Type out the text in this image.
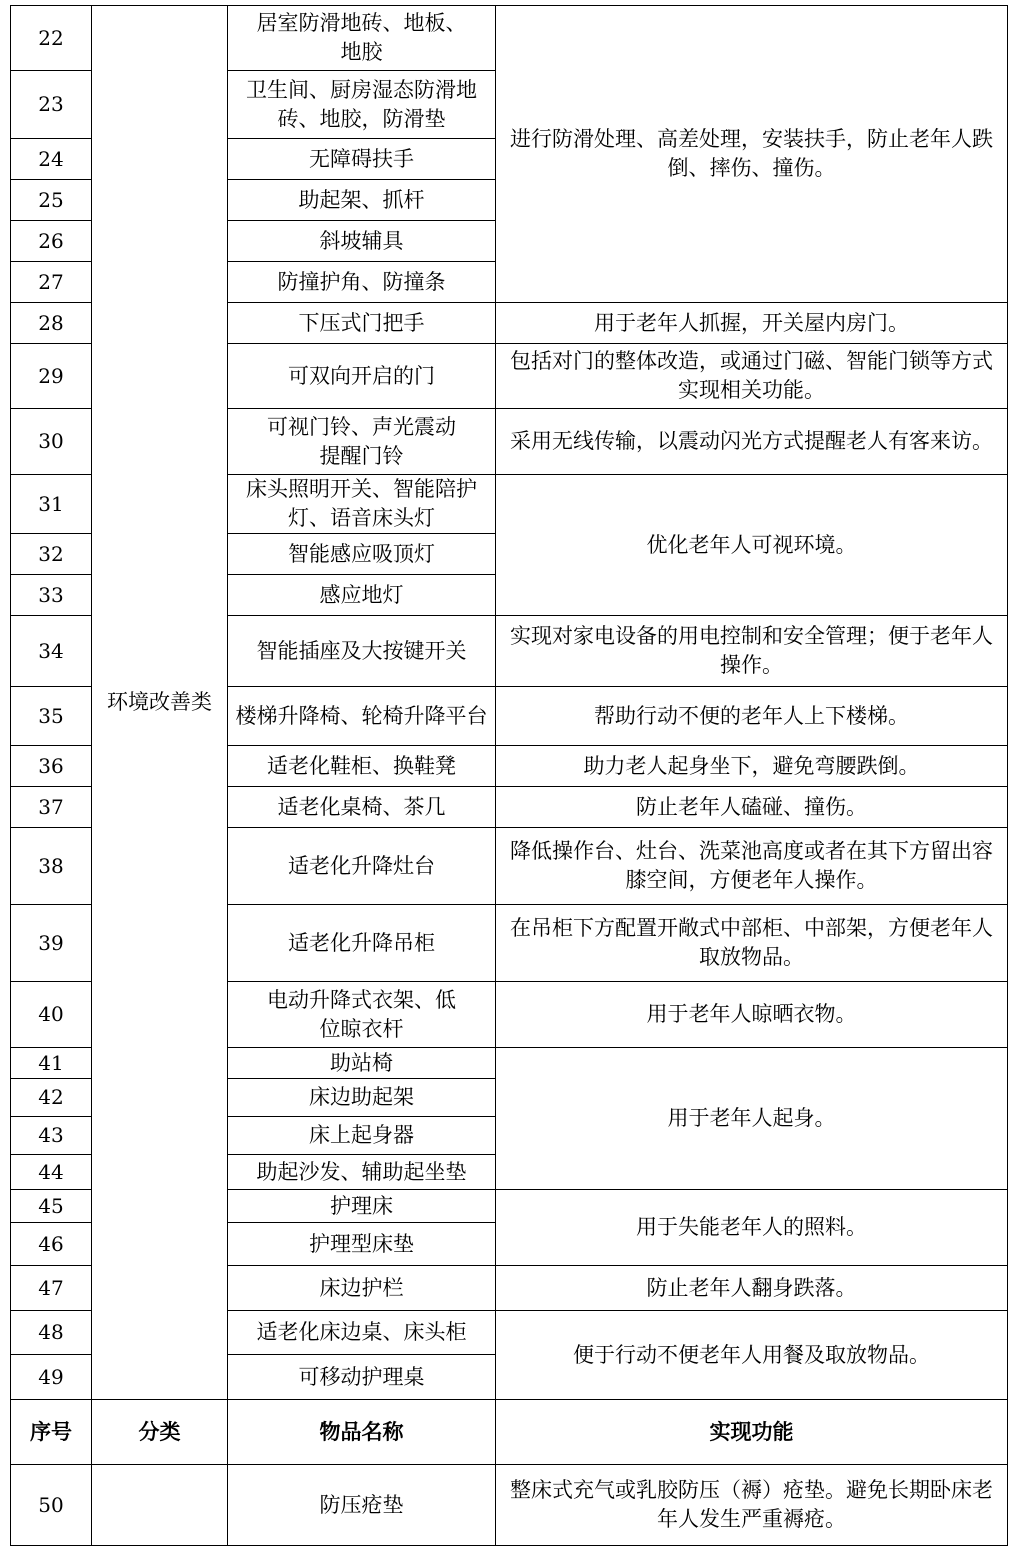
22	环境改善类	居室防滑地砖、地板、地胶	进行防滑处理、高差处理，安装扶手，防止老年人跌倒、摔伤、撞伤。
23		卫生间、厨房湿态防滑地砖、地胶，防滑垫	
24		无障碍扶手	
25		助起架、抓杆	
26		斜坡辅具	
27		防撞护角、防撞条	
28		下压式门把手	用于老年人抓握，开关屋内房门。
29		可双向开启的门	包括对门的整体改造，或通过门磁、智能门锁等方式实现相关功能。
30		可视门铃、声光震动提醒门铃	采用无线传输，以震动闪光方式提醒老人有客来访。
31		床头照明开关、智能陪护灯、语音床头灯	优化老年人可视环境。
32		智能感应吸顶灯	
33		感应地灯	
34		智能插座及大按键开关	实现对家电设备的用电控制和安全管理；便于老年人操作。
35		楼梯升降椅、轮椅升降平台	帮助行动不便的老年人上下楼梯。
36		适老化鞋柜、换鞋凳	助力老人起身坐下，避免弯腰跌倒。
37		适老化桌椅、茶几	防止老年人磕碰、撞伤。
38		适老化升降灶台	降低操作台、灶台、洗菜池高度或者在其下方留出容膝空间，方便老年人操作。
39		适老化升降吊柜	在吊柜下方配置开敞式中部柜、中部架，方便老年人取放物品。
40		电动升降式衣架、低位晾衣杆	用于老年人晾晒衣物。
41		助站椅	用于老年人起身。
42		床边助起架	
43		床上起身器	
44		助起沙发、辅助起坐垫	
45		护理床	用于失能老年人的照料。
46		护理型床垫	
47		床边护栏	防止老年人翻身跌落。
48		适老化床边桌、床头柜	便于行动不便老年人用餐及取放物品。
49		可移动护理桌	
序号	分类	物品名称	实现功能
50		防压疮垫	整床式充气或乳胶防压（褥）疮垫。避免长期卧床老年人发生严重褥疮。
